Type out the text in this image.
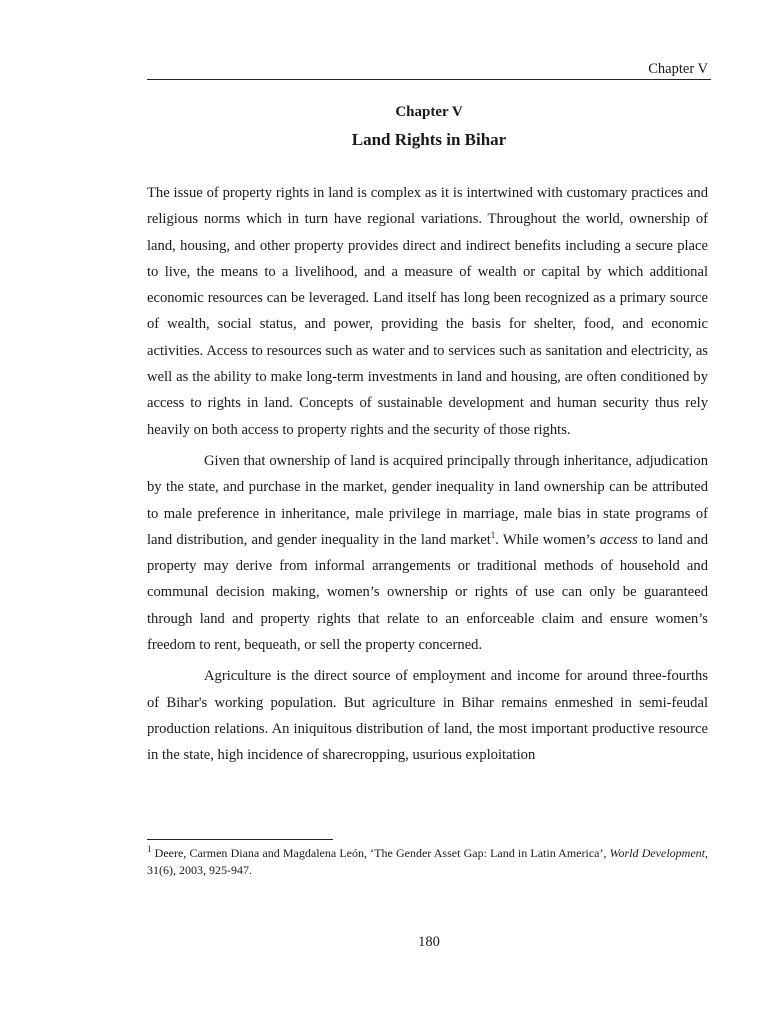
Chapter V
Chapter V
Land Rights in Bihar

The issue of property rights in land is complex as it is intertwined with customary practices and religious norms which in turn have regional variations. Throughout the world, ownership of land, housing, and other property provides direct and indirect benefits including a secure place to live, the means to a livelihood, and a measure of wealth or capital by which additional economic resources can be leveraged. Land itself has long been recognized as a primary source of wealth, social status, and power, providing the basis for shelter, food, and economic activities. Access to resources such as water and to services such as sanitation and electricity, as well as the ability to make long-term investments in land and housing, are often conditioned by access to rights in land. Concepts of sustainable development and human security thus rely heavily on both access to property rights and the security of those rights.

Given that ownership of land is acquired principally through inheritance, adjudication by the state, and purchase in the market, gender inequality in land ownership can be attributed to male preference in inheritance, male privilege in marriage, male bias in state programs of land distribution, and gender inequality in the land market$^1$. While women’s access to land and property may derive from informal arrangements or traditional methods of household and communal decision making, women’s ownership or rights of use can only be guaranteed through land and property rights that relate to an enforceable claim and ensure women’s freedom to rent, bequeath, or sell the property concerned.

Agriculture is the direct source of employment and income for around three-fourths of Bihar's working population. But agriculture in Bihar remains enmeshed in semi-feudal production relations. An iniquitous distribution of land, the most important productive resource in the state, high incidence of sharecropping, usurious exploitation

$^1$ Deere, Carmen Diana and Magdalena León, ‘The Gender Asset Gap: Land in Latin America’, World Development, 31(6), 2003, 925-947.
180
